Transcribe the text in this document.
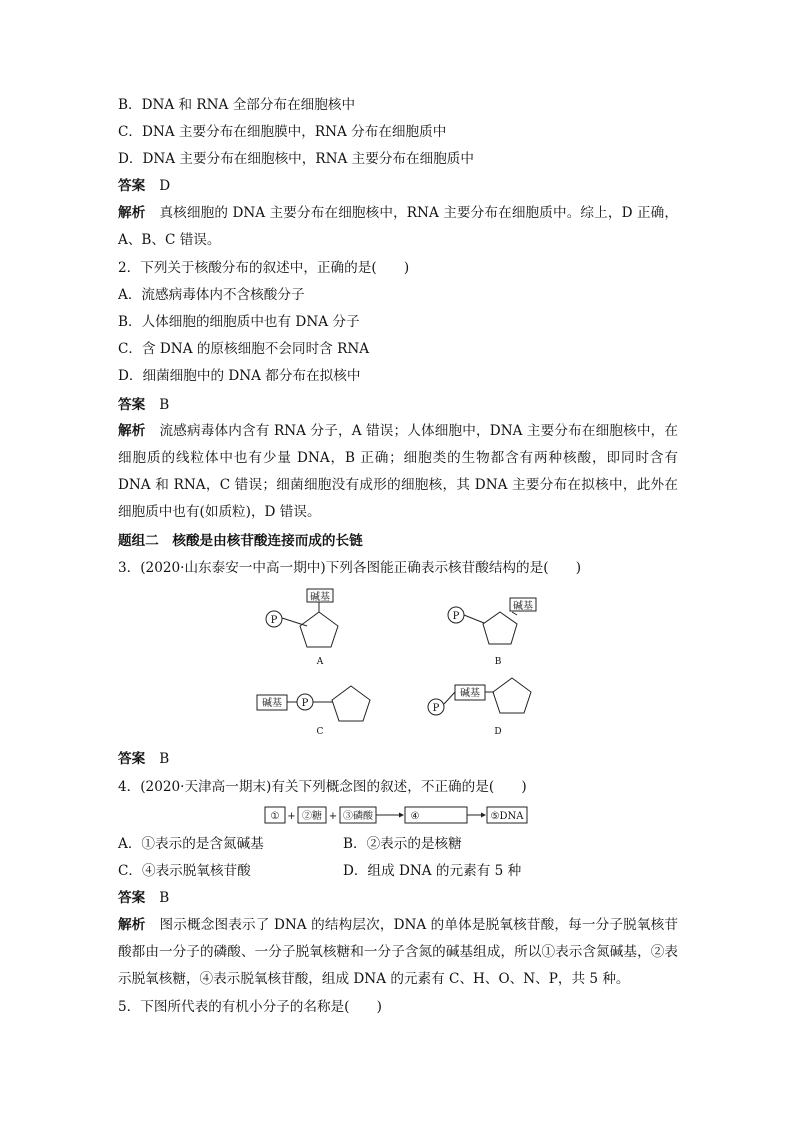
B．DNA 和 RNA 全部分布在细胞核中
C．DNA 主要分布在细胞膜中，RNA 分布在细胞质中
D．DNA 主要分布在细胞核中，RNA 主要分布在细胞质中
答案 D
解析 真核细胞的 DNA 主要分布在细胞核中，RNA 主要分布在细胞质中。综上，D 正确，A、B、C 错误。
2．下列关于核酸分布的叙述中，正确的是(　　)
A．流感病毒体内不含核酸分子
B．人体细胞的细胞质中也有 DNA 分子
C．含 DNA 的原核细胞不会同时含 RNA
D．细菌细胞中的 DNA 都分布在拟核中
答案 B
解析 流感病毒体内含有 RNA 分子，A 错误；人体细胞中，DNA 主要分布在细胞核中，在细胞质的线粒体中也有少量 DNA，B 正确；细胞类的生物都含有两种核酸，即同时含有 DNA 和 RNA，C 错误；细菌细胞没有成形的细胞核，其 DNA 主要分布在拟核中，此外在细胞质中也有(如质粒)，D 错误。
题组二　核酸是由核苷酸连接而成的长链
3．(2020·山东泰安一中高一期中)下列各图能正确表示核苷酸结构的是(　　)
P
碱基
P
碱基
碱基 P	P
碱基
A	B
C	D
答案 B
4．(2020·天津高一期末)有关下列概念图的叙述，不正确的是(　　)
① + ②糖 + ③磷酸	④	⑤DNA
A．①表示的是含氮碱基	B．②表示的是核糖
C．④表示脱氧核苷酸	D．组成 DNA 的元素有 5 种
答案 B
解析 图示概念图表示了 DNA 的结构层次，DNA 的单体是脱氧核苷酸，每一分子脱氧核苷酸都由一分子的磷酸、一分子脱氧核糖和一分子含氮的碱基组成，所以①表示含氮碱基，②表示脱氧核糖，④表示脱氧核苷酸，组成 DNA 的元素有 C、H、O、N、P，共 5 种。
5．下图所代表的有机小分子的名称是(　　)
